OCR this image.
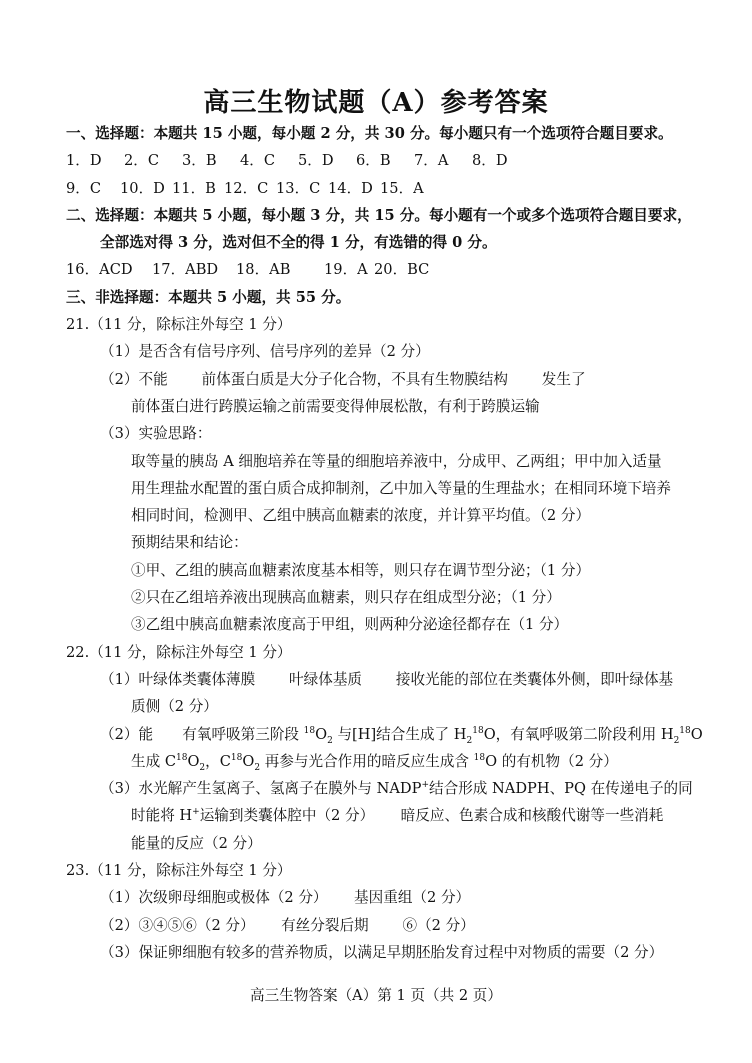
高三生物试题（A）参考答案
一、选择题：本题共 15 小题，每小题 2 分，共 30 分。每小题只有一个选项符合题目要求。
1．D 2．C 3．B 4．C 5．D 6．B 7．A 8．D
9．C 10．D 11．B 12．C 13．C 14．D 15．A
二、选择题：本题共 5 小题，每小题 3 分，共 15 分。每小题有一个或多个选项符合题目要求，
全部选对得 3 分，选对但不全的得 1 分，有选错的得 0 分。
16．ACD 17．ABD 18．AB 19．A 20．BC
三、非选择题：本题共 5 小题，共 55 分。
21.（11 分，除标注外每空 1 分）
（1）是否含有信号序列、信号序列的差异（2 分）
（2）不能　　 前体蛋白质是大分子化合物，不具有生物膜结构　　 发生了
前体蛋白进行跨膜运输之前需要变得伸展松散，有利于跨膜运输
（3）实验思路：
取等量的胰岛 A 细胞培养在等量的细胞培养液中，分成甲、乙两组；甲中加入适量
用生理盐水配置的蛋白质合成抑制剂，乙中加入等量的生理盐水；在相同环境下培养
相同时间，检测甲、乙组中胰高血糖素的浓度，并计算平均值。（2 分）
预期结果和结论：
①甲、乙组的胰高血糖素浓度基本相等，则只存在调节型分泌；（1 分）
②只在乙组培养液出现胰高血糖素，则只存在组成型分泌；（1 分）
③乙组中胰高血糖素浓度高于甲组，则两种分泌途径都存在（1 分）
22.（11 分，除标注外每空 1 分）
（1）叶绿体类囊体薄膜　　 叶绿体基质　　 接收光能的部位在类囊体外侧，即叶绿体基
质侧（2 分）
（2）能　　有氧呼吸第三阶段 $^{18}O_2$ 与[H]结合生成了 $H_2^{18}O$，有氧呼吸第二阶段利用 $H_2^{18}O$
生成 $C^{18}O_2$，$C^{18}O_2$ 再参与光合作用的暗反应生成含 $^{18}$O 的有机物（2 分）
（3）水光解产生氢离子、氢离子在膜外与 NADP+结合形成 NADPH、PQ 在传递电子的同
时能将 H+运输到类囊体腔中（2 分）　　 暗反应、色素合成和核酸代谢等一些消耗
能量的反应（2 分）
23.（11 分，除标注外每空 1 分）
（1）次级卵母细胞或极体（2 分）　　 基因重组（2 分）
（2）③④⑤⑥（2 分）　　 有丝分裂后期　　 ⑥（2 分）
（3）保证卵细胞有较多的营养物质，以满足早期胚胎发育过程中对物质的需要（2 分）
高三生物答案（A）第 1 页（共 2 页）
